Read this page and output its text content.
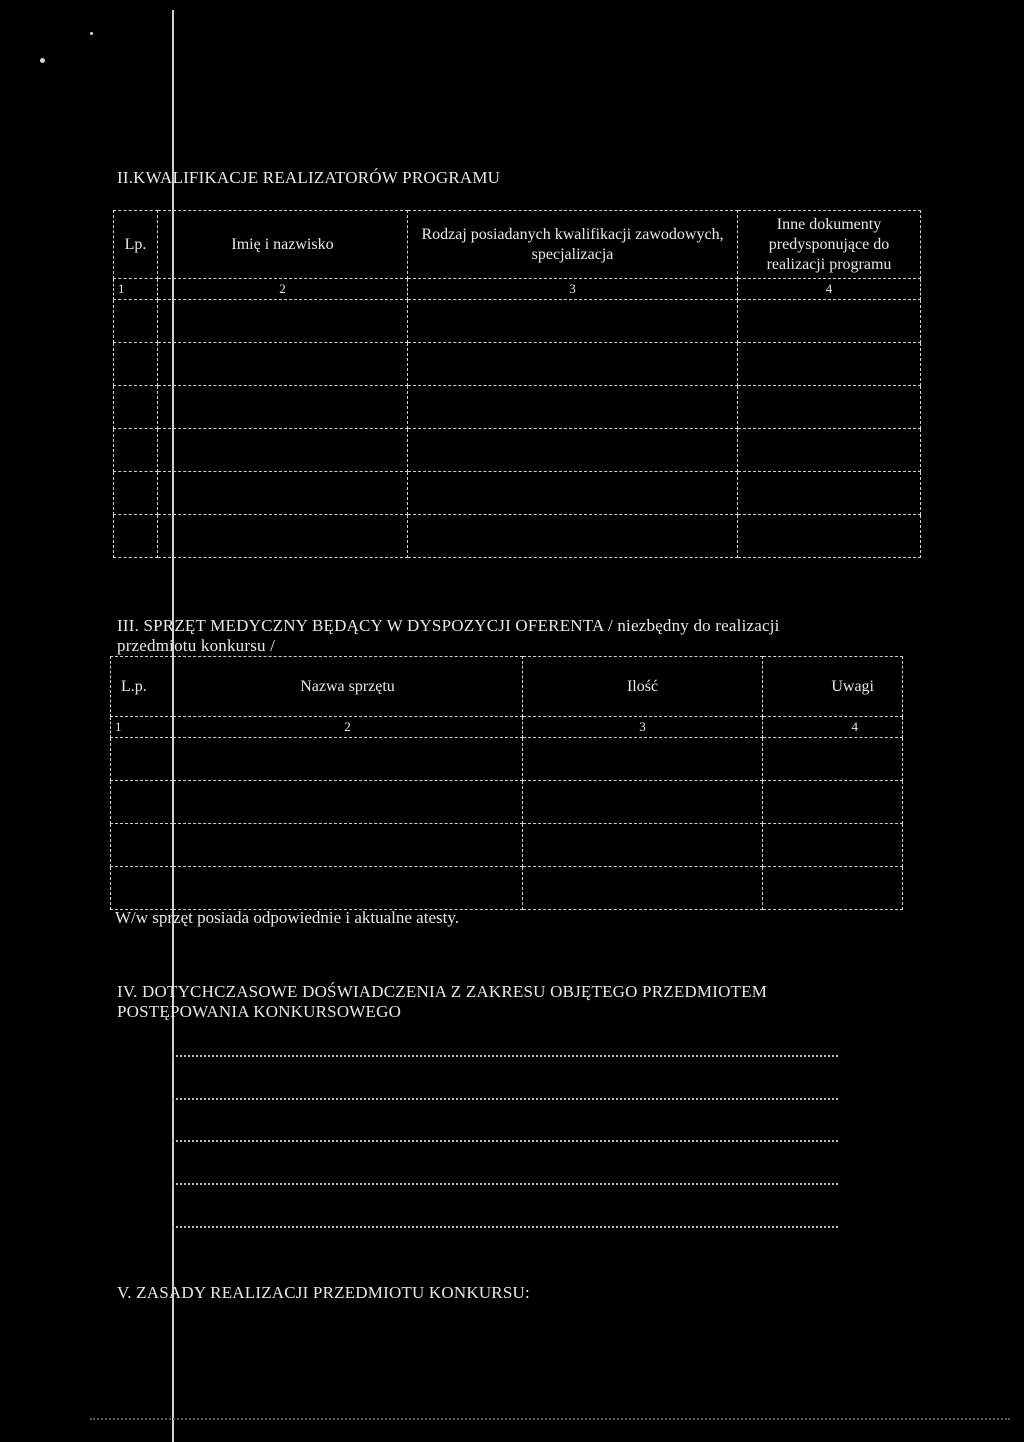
II.KWALIFIKACJE REALIZATORÓW PROGRAMU
Lp.	Imię i nazwisko	Rodzaj posiadanych kwalifikacji zawodowych, specjalizacja	Inne dokumenty predysponujące do realizacji programu
1	2	3	4

III. SPRZĘT MEDYCZNY BĘDĄCY W DYSPOZYCJI OFERENTA / niezbędny do realizacji
przedmiotu konkursu /
L.p.	Nazwa sprzętu	Ilość	Uwagi
1	2	3	4

W/w sprzęt posiada odpowiednie i aktualne atesty.
IV. DOTYCHCZASOWE DOŚWIADCZENIA Z ZAKRESU OBJĘTEGO PRZEDMIOTEM
POSTĘPOWANIA KONKURSOWEGO
V. ZASADY REALIZACJI PRZEDMIOTU KONKURSU:
